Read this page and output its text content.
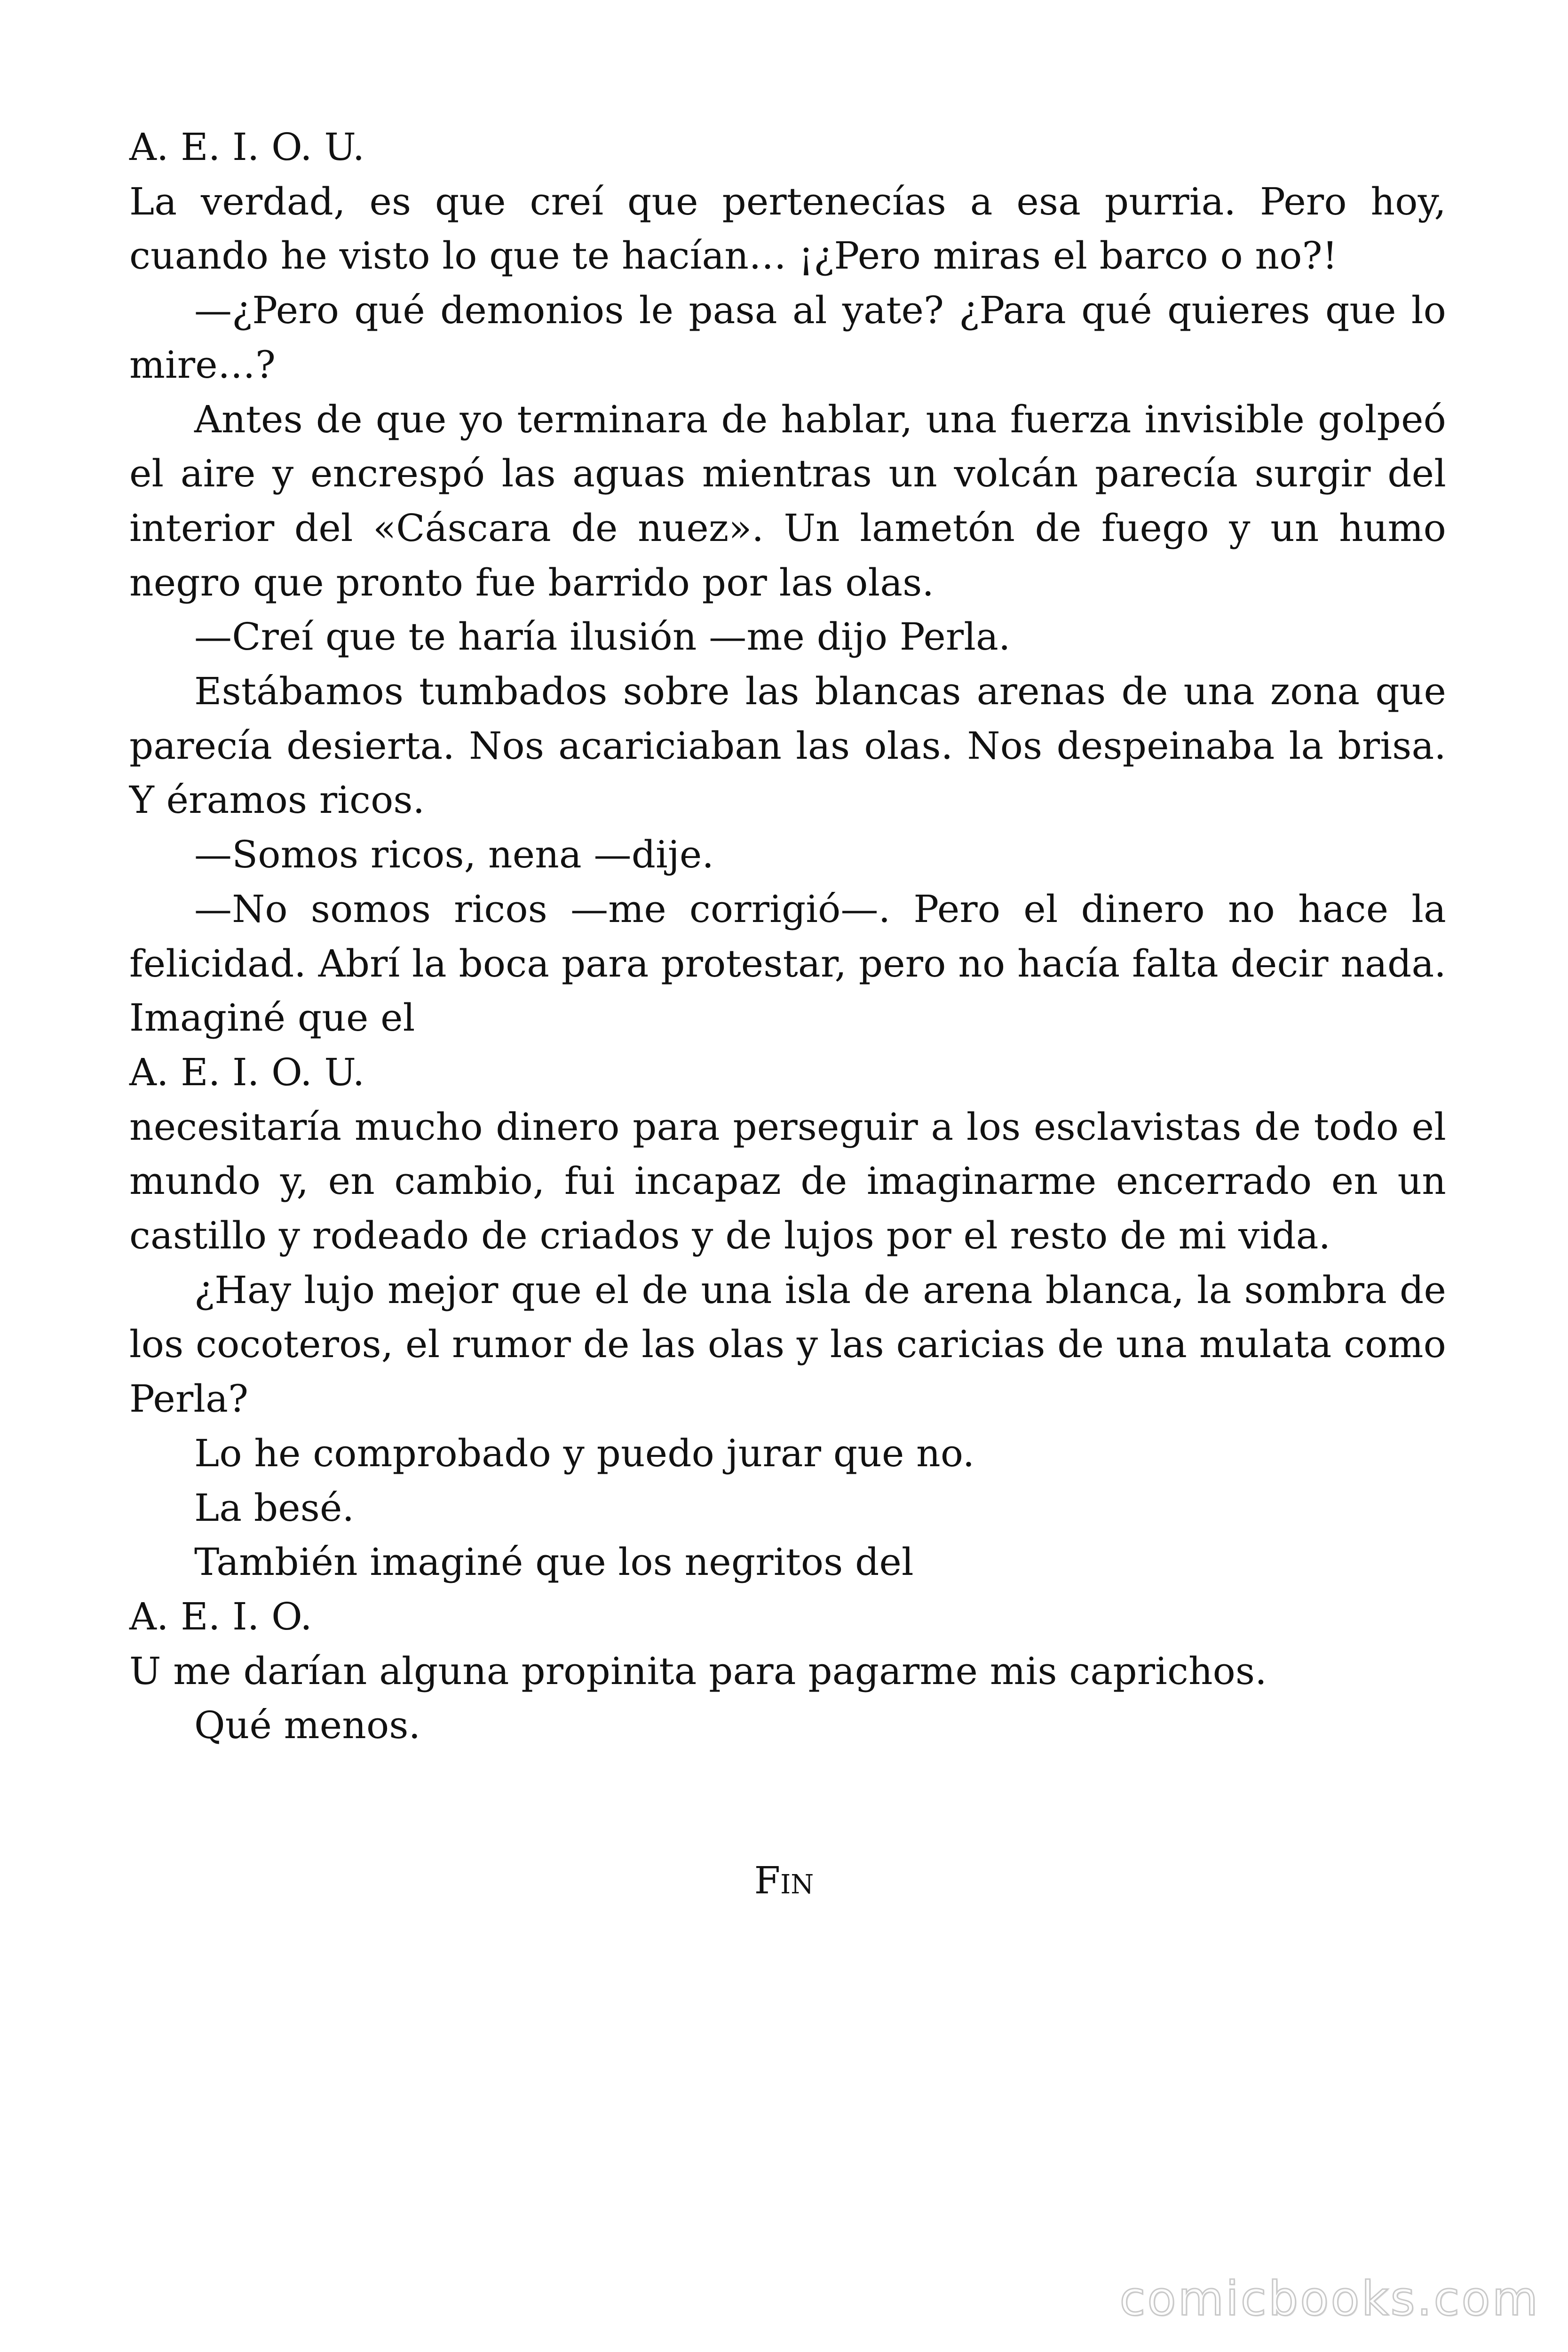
A. E. I. O. U.

La verdad, es que creí que pertenecías a esa purria. Pero hoy, cuando he visto lo que te hacían… ¡¿Pero miras el barco o no?!

—¿Pero qué demonios le pasa al yate? ¿Para qué quieres que lo mire…?

Antes de que yo terminara de hablar, una fuerza invisible golpeó el aire y encrespó las aguas mientras un volcán parecía surgir del interior del «Cáscara de nuez». Un lametón de fuego y un humo negro que pronto fue barrido por las olas.

—Creí que te haría ilusión —me dijo Perla.

Estábamos tumbados sobre las blancas arenas de una zona que parecía desierta. Nos acariciaban las olas. Nos despeinaba la brisa. Y éramos ricos.

—Somos ricos, nena —dije.

—No somos ricos —me corrigió—. Pero el dinero no hace la felicidad. Abrí la boca para protestar, pero no hacía falta decir nada. Imaginé que el

A. E. I. O. U.

necesitaría mucho dinero para perseguir a los esclavistas de todo el mundo y, en cambio, fui incapaz de imaginarme encerrado en un castillo y rodeado de criados y de lujos por el resto de mi vida.

¿Hay lujo mejor que el de una isla de arena blanca, la sombra de los cocoteros, el rumor de las olas y las caricias de una mulata como Perla?

Lo he comprobado y puedo jurar que no.

La besé.

También imaginé que los negritos del

A. E. I. O.

U me darían alguna propinita para pagarme mis caprichos.

Qué menos.

Fin
comicbooks.com
